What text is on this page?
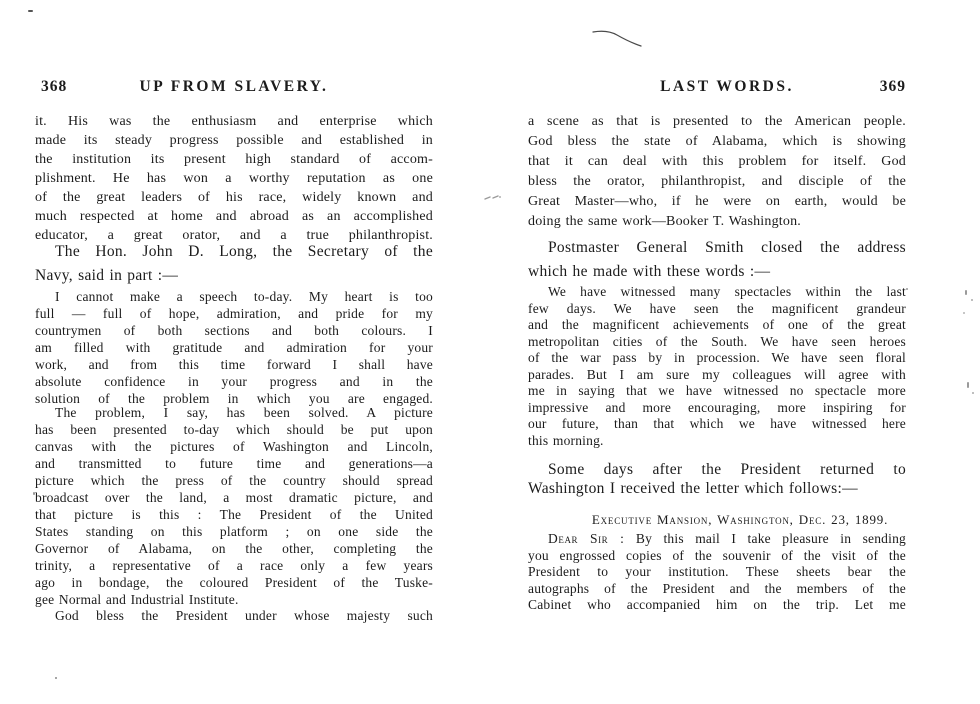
368	UP FROM SLAVERY.
it. His was the enthusiasm and enterprise which
made its steady progress possible and established in
the institution its present high standard of accom-
plishment. He has won a worthy reputation as one
of the great leaders of his race, widely known and
much respected at home and abroad as an accomplished
educator, a great orator, and a true philanthropist.
The Hon. John D. Long, the Secretary of the
Navy, said in part :—
I cannot make a speech to-day. My heart is too
full — full of hope, admiration, and pride for my
countrymen of both sections and both colours. I
am filled with gratitude and admiration for your
work, and from this time forward I shall have
absolute confidence in your progress and in the
solution of the problem in which you are engaged.
The problem, I say, has been solved. A picture
has been presented to-day which should be put upon
canvas with the pictures of Washington and Lincoln,
and transmitted to future time and generations—a
picture which the press of the country should spread
broadcast over the land, a most dramatic picture, and
that picture is this : The President of the United
States standing on this platform ; on one side the
Governor of Alabama, on the other, completing the
trinity, a representative of a race only a few years
ago in bondage, the coloured President of the Tuske-
gee Normal and Industrial Institute.
God bless the President under whose majesty such
LAST WORDS.	369
a scene as that is presented to the American people.
God bless the state of Alabama, which is showing
that it can deal with this problem for itself. God
bless the orator, philanthropist, and disciple of the
Great Master—who, if he were on earth, would be
doing the same work—Booker T. Washington.
Postmaster General Smith closed the address
which he made with these words :—
We have witnessed many spectacles within the last
few days. We have seen the magnificent grandeur
and the magnificent achievements of one of the great
metropolitan cities of the South. We have seen heroes
of the war pass by in procession. We have seen floral
parades. But I am sure my colleagues will agree with
me in saying that we have witnessed no spectacle more
impressive and more encouraging, more inspiring for
our future, than that which we have witnessed here
this morning.
Some days after the President returned to
Washington I received the letter which follows:—
Executive Mansion, Washington, Dec. 23, 1899.
Dear Sir : By this mail I take pleasure in sending
you engrossed copies of the souvenir of the visit of the
President to your institution. These sheets bear the
autographs of the President and the members of the
Cabinet who accompanied him on the trip. Let me
